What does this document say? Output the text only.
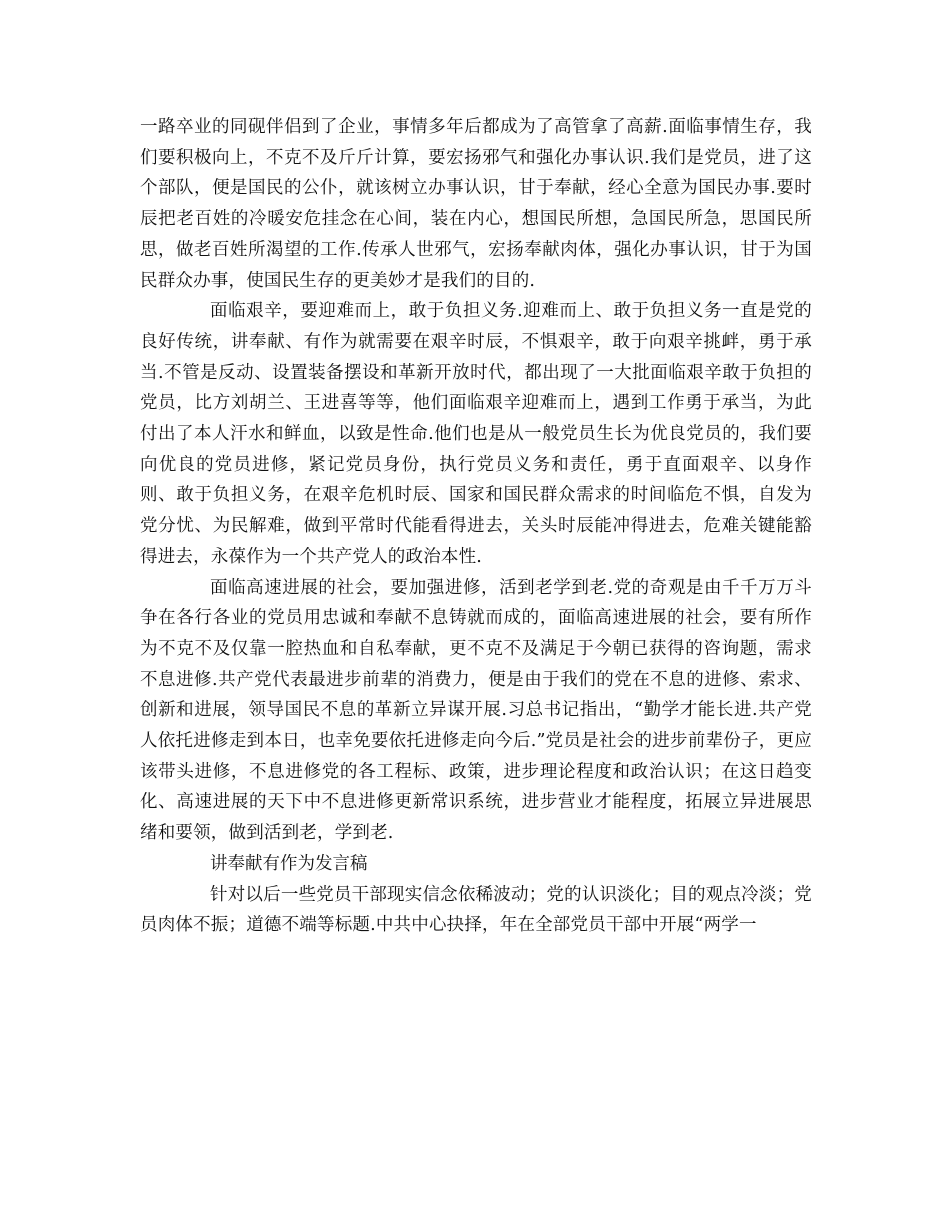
一路卒业的同砚伴侣到了企业，事情多年后都成为了高管拿了高薪.面临事情生存，我们要积极向上，不克不及斤斤计算，要宏扬邪气和强化办事认识.我们是党员，进了这个部队，便是国民的公仆，就该树立办事认识，甘于奉献，经心全意为国民办事.要时辰把老百姓的冷暖安危挂念在心间，装在内心，想国民所想，急国民所急，思国民所思，做老百姓所渴望的工作.传承人世邪气，宏扬奉献肉体，强化办事认识，甘于为国民群众办事，使国民生存的更美妙才是我们的目的.

面临艰辛，要迎难而上，敢于负担义务.迎难而上、敢于负担义务一直是党的良好传统，讲奉献、有作为就需要在艰辛时辰，不惧艰辛，敢于向艰辛挑衅，勇于承当.不管是反动、设置装备摆设和革新开放时代，都出现了一大批面临艰辛敢于负担的党员，比方刘胡兰、王进喜等等，他们面临艰辛迎难而上，遇到工作勇于承当，为此付出了本人汗水和鲜血，以致是性命.他们也是从一般党员生长为优良党员的，我们要向优良的党员进修，紧记党员身份，执行党员义务和责任，勇于直面艰辛、以身作则、敢于负担义务，在艰辛危机时辰、国家和国民群众需求的时间临危不惧，自发为党分忧、为民解难，做到平常时代能看得进去，关头时辰能冲得进去，危难关键能豁得进去，永葆作为一个共产党人的政治本性.

面临高速进展的社会，要加强进修，活到老学到老.党的奇观是由千千万万斗争在各行各业的党员用忠诚和奉献不息铸就而成的，面临高速进展的社会，要有所作为不克不及仅靠一腔热血和自私奉献，更不克不及满足于今朝已获得的咨询题，需求不息进修.共产党代表最进步前辈的消费力，便是由于我们的党在不息的进修、索求、创新和进展，领导国民不息的革新立异谋开展.习总书记指出，“勤学才能长进.共产党人依托进修走到本日，也幸免要依托进修走向今后.”党员是社会的进步前辈份子，更应该带头进修，不息进修党的各工程标、政策，进步理论程度和政治认识；在这日趋变化、高速进展的天下中不息进修更新常识系统，进步营业才能程度，拓展立异进展思绪和要领，做到活到老，学到老.

讲奉献有作为发言稿

针对以后一些党员干部现实信念依稀波动；党的认识淡化；目的观点冷淡；党员肉体不振；道德不端等标题.中共中心抉择，年在全部党员干部中开展“两学一
